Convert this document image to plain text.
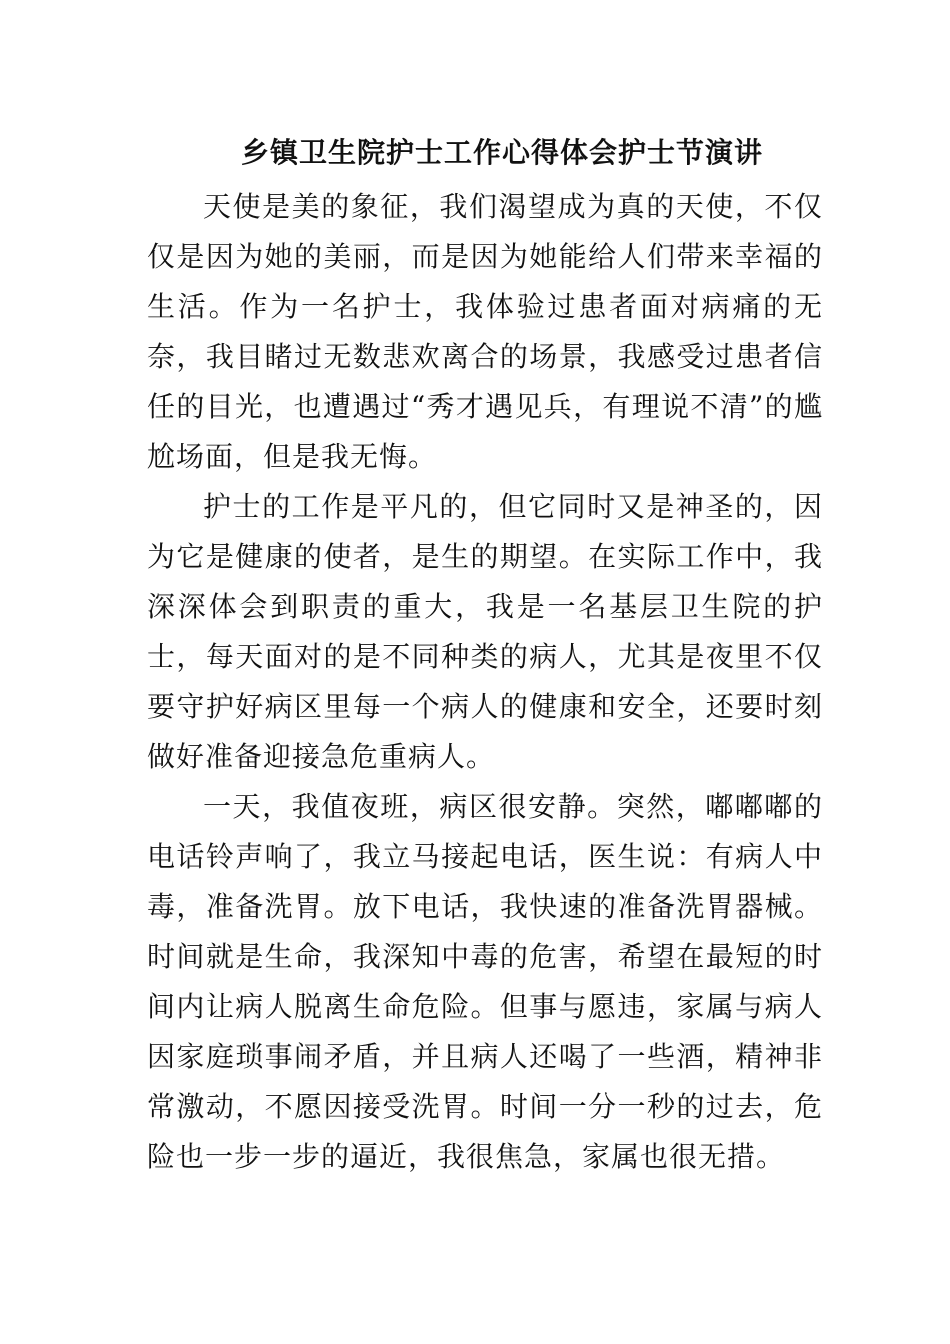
乡镇卫生院护士工作心得体会护士节演讲

天使是美的象征，我们渴望成为真的天使，不仅仅是因为她的美丽，而是因为她能给人们带来幸福的生活。作为一名护士，我体验过患者面对病痛的无奈，我目睹过无数悲欢离合的场景，我感受过患者信任的目光，也遭遇过“秀才遇见兵，有理说不清”的尴尬场面，但是我无悔。

护士的工作是平凡的，但它同时又是神圣的，因为它是健康的使者，是生的期望。在实际工作中，我深深体会到职责的重大，我是一名基层卫生院的护士，每天面对的是不同种类的病人，尤其是夜里不仅要守护好病区里每一个病人的健康和安全，还要时刻做好准备迎接急危重病人。

一天，我值夜班，病区很安静。突然，嘟嘟嘟的电话铃声响了，我立马接起电话，医生说：有病人中毒，准备洗胃。放下电话，我快速的准备洗胃器械。时间就是生命，我深知中毒的危害，希望在最短的时间内让病人脱离生命危险。但事与愿违，家属与病人因家庭琐事闹矛盾，并且病人还喝了一些酒，精神非常激动，不愿因接受洗胃。时间一分一秒的过去，危险也一步一步的逼近，我很焦急，家属也很无措。
